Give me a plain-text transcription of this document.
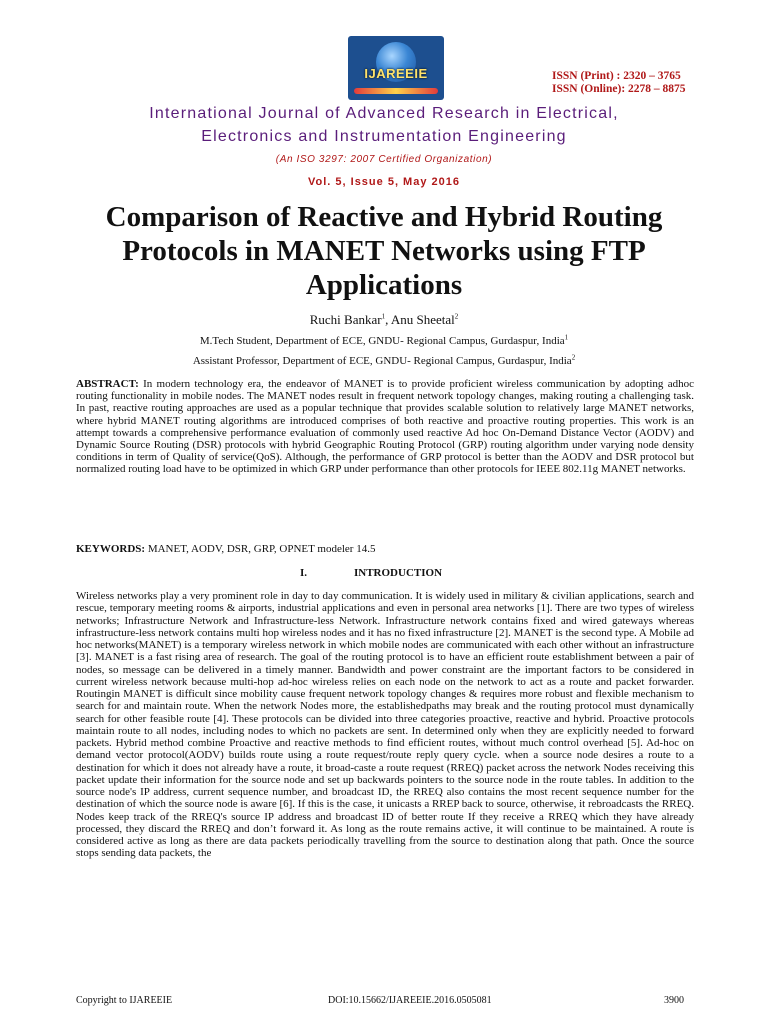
IJAREEIE	ISSN (Print) : 2320 – 3765
ISSN (Online): 2278 – 8875
International Journal of Advanced Research in Electrical,
Electronics and Instrumentation Engineering
(An ISO 3297: 2007 Certified Organization)
Vol. 5, Issue 5, May 2016
Comparison of Reactive and Hybrid Routing Protocols in MANET Networks using FTP Applications
Ruchi Bankar$^1$, Anu Sheetal$^2$
M.Tech Student, Department of ECE, GNDU- Regional Campus, Gurdaspur, India$^1$
Assistant Professor, Department of ECE, GNDU- Regional Campus, Gurdaspur, India$^2$
ABSTRACT: In modern technology era, the endeavor of MANET is to provide proficient wireless communication by adopting adhoc routing functionality in mobile nodes. The MANET nodes result in frequent network topology changes, making routing a challenging task. In past, reactive routing approaches are used as a popular technique that provides scalable solution to relatively large MANET networks, where hybrid MANET routing algorithms are introduced comprises of both reactive and proactive routing properties. This work is an attempt towards a comprehensive performance evaluation of commonly used reactive Ad hoc On-Demand Distance Vector (AODV) and Dynamic Source Routing (DSR) protocols with hybrid Geographic Routing Protocol (GRP) routing algorithm under varying node density conditions in term of Quality of service(QoS). Although, the performance of GRP protocol is better than the AODV and DSR protocol but normalized routing load have to be optimized in which GRP under performance than other protocols for IEEE 802.11g MANET networks.
KEYWORDS: MANET, AODV, DSR, GRP, OPNET modeler 14.5
I.	INTRODUCTION
Wireless networks play a very prominent role in day to day communication. It is widely used in military & civilian applications, search and rescue, temporary meeting rooms & airports, industrial applications and even in personal area networks [1]. There are two types of wireless networks; Infrastructure Network and Infrastructure-less Network. Infrastructure network contains fixed and wired gateways whereas infrastructure-less network contains multi hop wireless nodes and it has no fixed infrastructure [2]. MANET is the second type. A Mobile ad hoc networks(MANET) is a temporary wireless network in which mobile nodes are communicated with each other without an infrastructure [3]. MANET is a fast rising area of research. The goal of the routing protocol is to have an efficient route establishment between a pair of nodes, so message can be delivered in a timely manner. Bandwidth and power constraint are the important factors to be considered in current wireless network because multi-hop ad-hoc wireless relies on each node on the network to act as a route and packet forwarder. Routingin MANET is difficult since mobility cause frequent network topology changes & requires more robust and flexible mechanism to search for and maintain route. When the network Nodes more, the establishedpaths may break and the routing protocol must dynamically search for other feasible route [4]. These protocols can be divided into three categories proactive, reactive and hybrid. Proactive protocols maintain route to all nodes, including nodes to which no packets are sent. In determined only when they are explicitly needed to forward packets. Hybrid method combine Proactive and reactive methods to find efficient routes, without much control overhead [5]. Ad-hoc on demand vector protocol(AODV) builds route using a route request/route reply query cycle. when a source node desires a route to a destination for which it does not already have a route, it broad-caste a route request (RREQ) packet across the network Nodes receiving this packet update their information for the source node and set up backwards pointers to the source node in the route tables. In addition to the source node's IP address, current sequence number, and broadcast ID, the RREQ also contains the most recent sequence number for the destination of which the source node is aware [6]. If this is the case, it unicasts a RREP back to source, otherwise, it rebroadcasts the RREQ. Nodes keep track of the RREQ's source IP address and broadcast ID of better route If they receive a RREQ which they have already processed, they discard the RREQ and don’t forward it. As long as the route remains active, it will continue to be maintained. A route is considered active as long as there are data packets periodically travelling from the source to destination along that path. Once the source stops sending data packets, the
Copyright to IJAREEIE	DOI:10.15662/IJAREEIE.2016.0505081	3900
